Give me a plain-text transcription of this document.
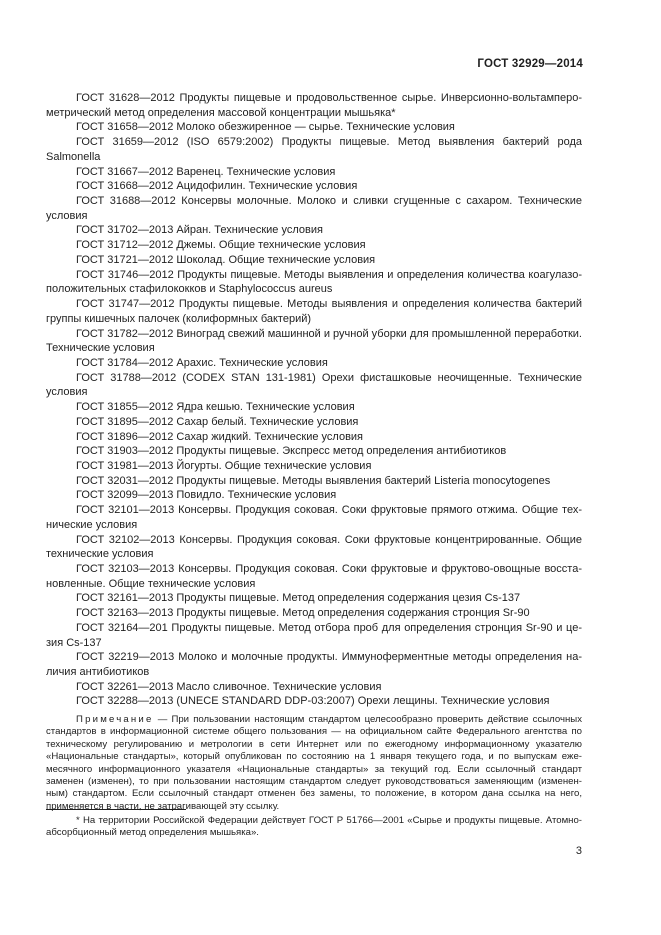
ГОСТ 32929—2014
ГОСТ 31628—2012 Продукты пищевые и продовольственное сырье. Инверсионно-вольтамперометрический метод определения массовой концентрации мышьяка*
ГОСТ 31658—2012 Молоко обезжиренное — сырье. Технические условия
ГОСТ 31659—2012 (ISO 6579:2002) Продукты пищевые. Метод выявления бактерий рода Salmonella
ГОСТ 31667—2012 Варенец. Технические условия
ГОСТ 31668—2012 Ацидофилин. Технические условия
ГОСТ 31688—2012 Консервы молочные. Молоко и сливки сгущенные с сахаром. Технические условия
ГОСТ 31702—2013 Айран. Технические условия
ГОСТ 31712—2012 Джемы. Общие технические условия
ГОСТ 31721—2012 Шоколад. Общие технические условия
ГОСТ 31746—2012 Продукты пищевые. Методы выявления и определения количества коагулазоположительных стафилококков и Staphylococcus aureus
ГОСТ 31747—2012 Продукты пищевые. Методы выявления и определения количества бактерий группы кишечных палочек (колиформных бактерий)
ГОСТ 31782—2012 Виноград свежий машинной и ручной уборки для промышленной переработки. Технические условия
ГОСТ 31784—2012 Арахис. Технические условия
ГОСТ 31788—2012 (CODEX STAN 131-1981) Орехи фисташковые неочищенные. Технические условия
ГОСТ 31855—2012 Ядра кешью. Технические условия
ГОСТ 31895—2012 Сахар белый. Технические условия
ГОСТ 31896—2012 Сахар жидкий. Технические условия
ГОСТ 31903—2012 Продукты пищевые. Экспресс метод определения антибиотиков
ГОСТ 31981—2013 Йогурты. Общие технические условия
ГОСТ 32031—2012 Продукты пищевые. Методы выявления бактерий Listeria monocytogenes
ГОСТ 32099—2013 Повидло. Технические условия
ГОСТ 32101—2013 Консервы. Продукция соковая. Соки фруктовые прямого отжима. Общие технические условия
ГОСТ 32102—2013 Консервы. Продукция соковая. Соки фруктовые концентрированные. Общие технические условия
ГОСТ 32103—2013 Консервы. Продукция соковая. Соки фруктовые и фруктово-овощные восстановленные. Общие технические условия
ГОСТ 32161—2013 Продукты пищевые. Метод определения содержания цезия Cs-137
ГОСТ 32163—2013 Продукты пищевые. Метод определения содержания стронция Sr-90
ГОСТ 32164—201 Продукты пищевые. Метод отбора проб для определения стронция Sr-90 и цезия Cs-137
ГОСТ 32219—2013 Молоко и молочные продукты. Иммуноферментные методы определения наличия антибиотиков
ГОСТ 32261—2013 Масло сливочное. Технические условия
ГОСТ 32288—2013 (UNECE STANDARD DDP-03:2007) Орехи лещины. Технические условия
Примечание — При пользовании настоящим стандартом целесообразно проверить действие ссылочных стандартов в информационной системе общего пользования — на официальном сайте Федерального агентства по техническому регулированию и метрологии в сети Интернет или по ежегодному информационному указателю «Национальные стандарты», который опубликован по состоянию на 1 января текущего года, и по выпускам ежемесячного информационного указателя «Национальные стандарты» за текущий год. Если ссылочный стандарт заменен (изменен), то при пользовании настоящим стандартом следует руководствоваться заменяющим (измененным) стандартом. Если ссылочный стандарт отменен без замены, то положение, в котором дана ссылка на него, применяется в части, не затрагивающей эту ссылку.
* На территории Российской Федерации действует ГОСТ Р 51766—2001 «Сырье и продукты пищевые. Атомно-абсорбционный метод определения мышьяка».
3
